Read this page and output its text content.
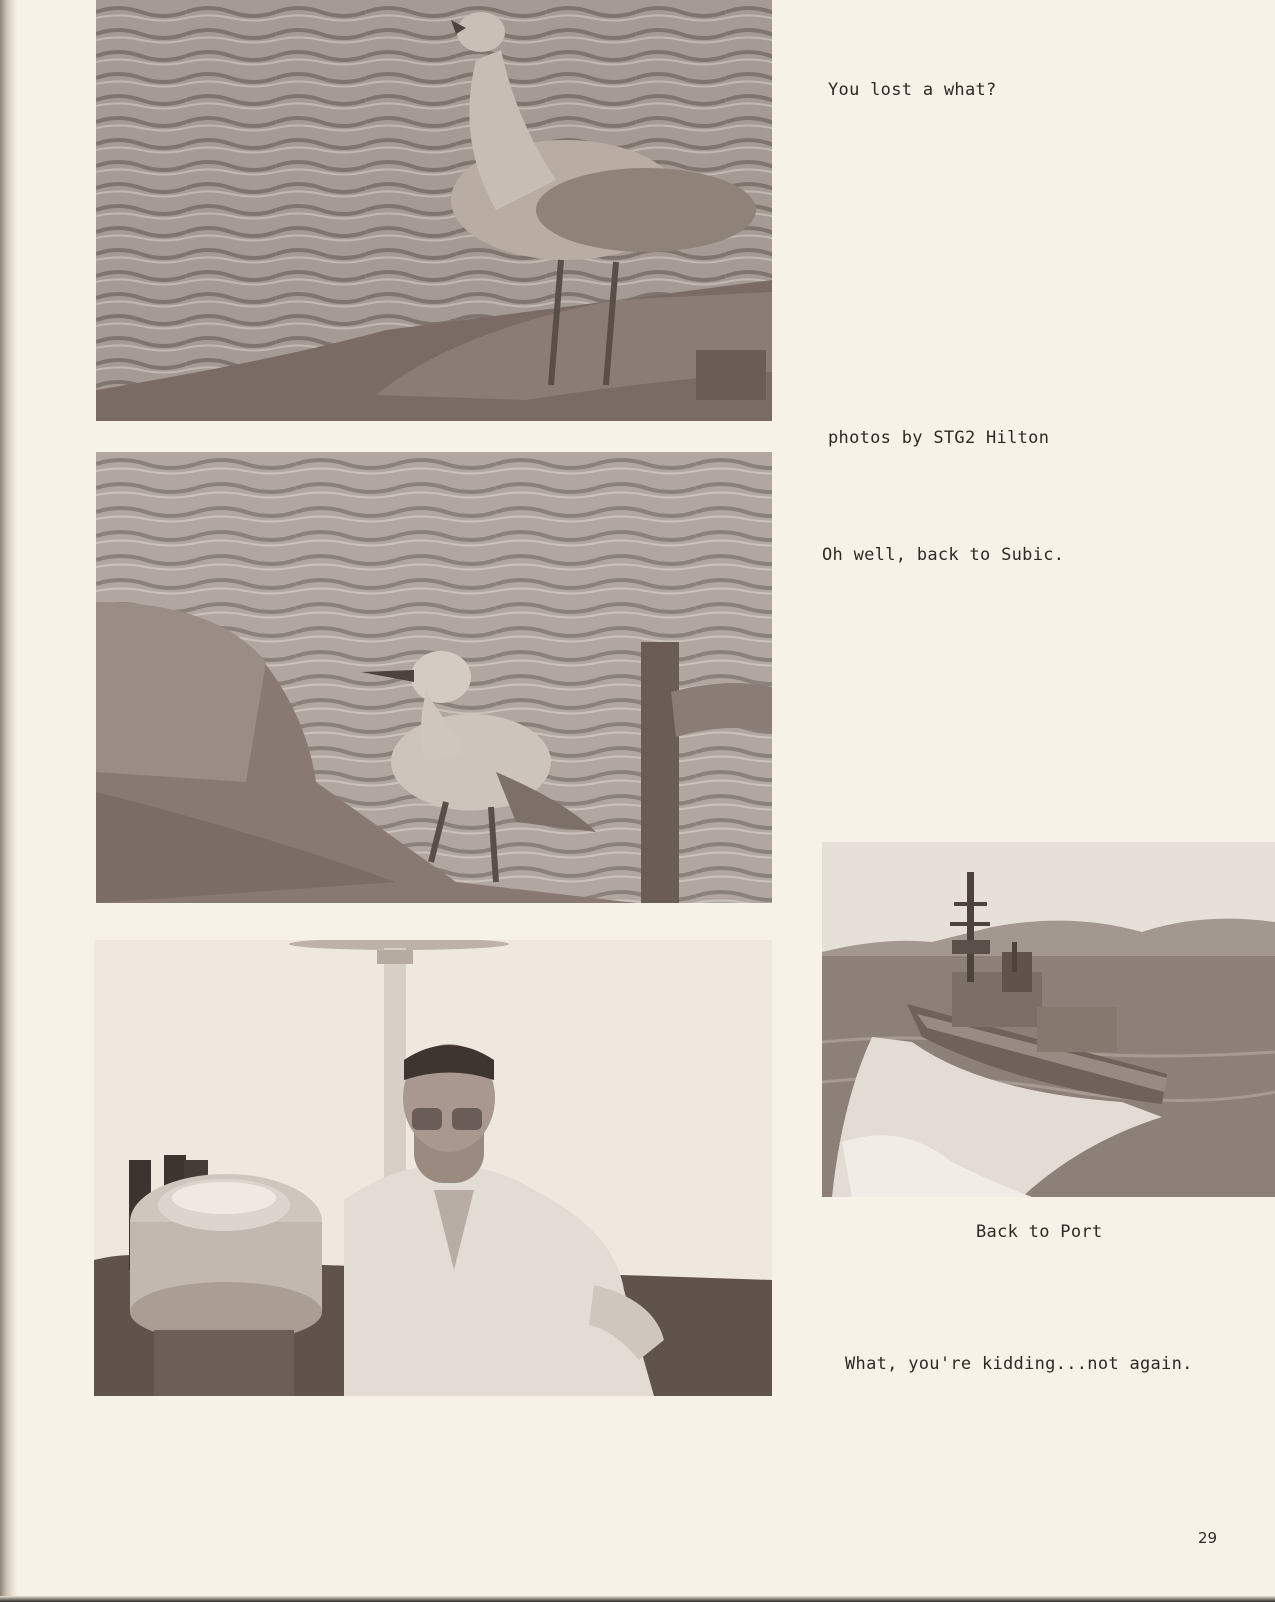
You lost a what?
photos by STG2 Hilton
Oh well, back to Subic.
Back to Port
What, you're kidding...not again.
29
